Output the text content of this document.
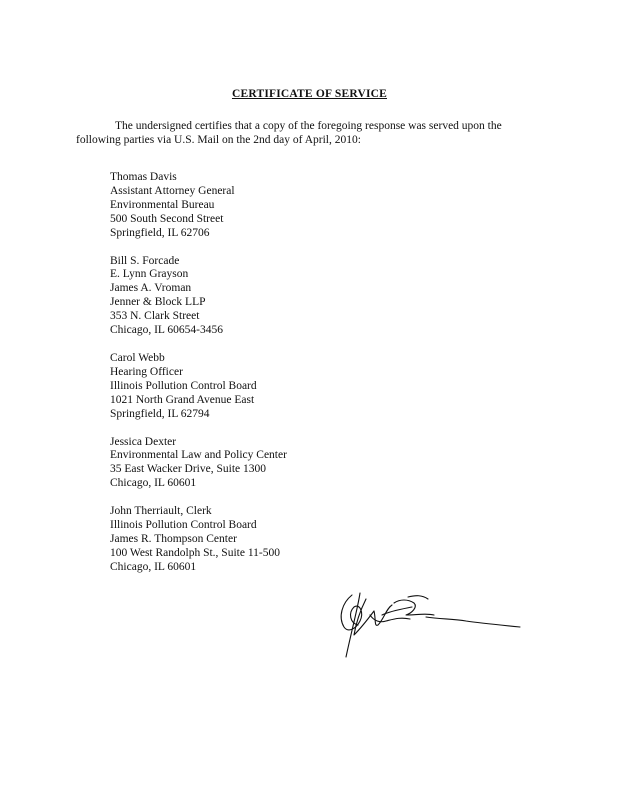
CERTIFICATE OF SERVICE

The undersigned certifies that a copy of the foregoing response was served upon the following parties via U.S. Mail on the 2nd day of April, 2010:

Thomas Davis
Assistant Attorney General
Environmental Bureau
500 South Second Street
Springfield, IL 62706
Bill S. Forcade
E. Lynn Grayson
James A. Vroman
Jenner & Block LLP
353 N. Clark Street
Chicago, IL 60654-3456
Carol Webb
Hearing Officer
Illinois Pollution Control Board
1021 North Grand Avenue East
Springfield, IL 62794
Jessica Dexter
Environmental Law and Policy Center
35 East Wacker Drive, Suite 1300
Chicago, IL 60601
John Therriault, Clerk
Illinois Pollution Control Board
James R. Thompson Center
100 West Randolph St., Suite 11-500
Chicago, IL 60601
